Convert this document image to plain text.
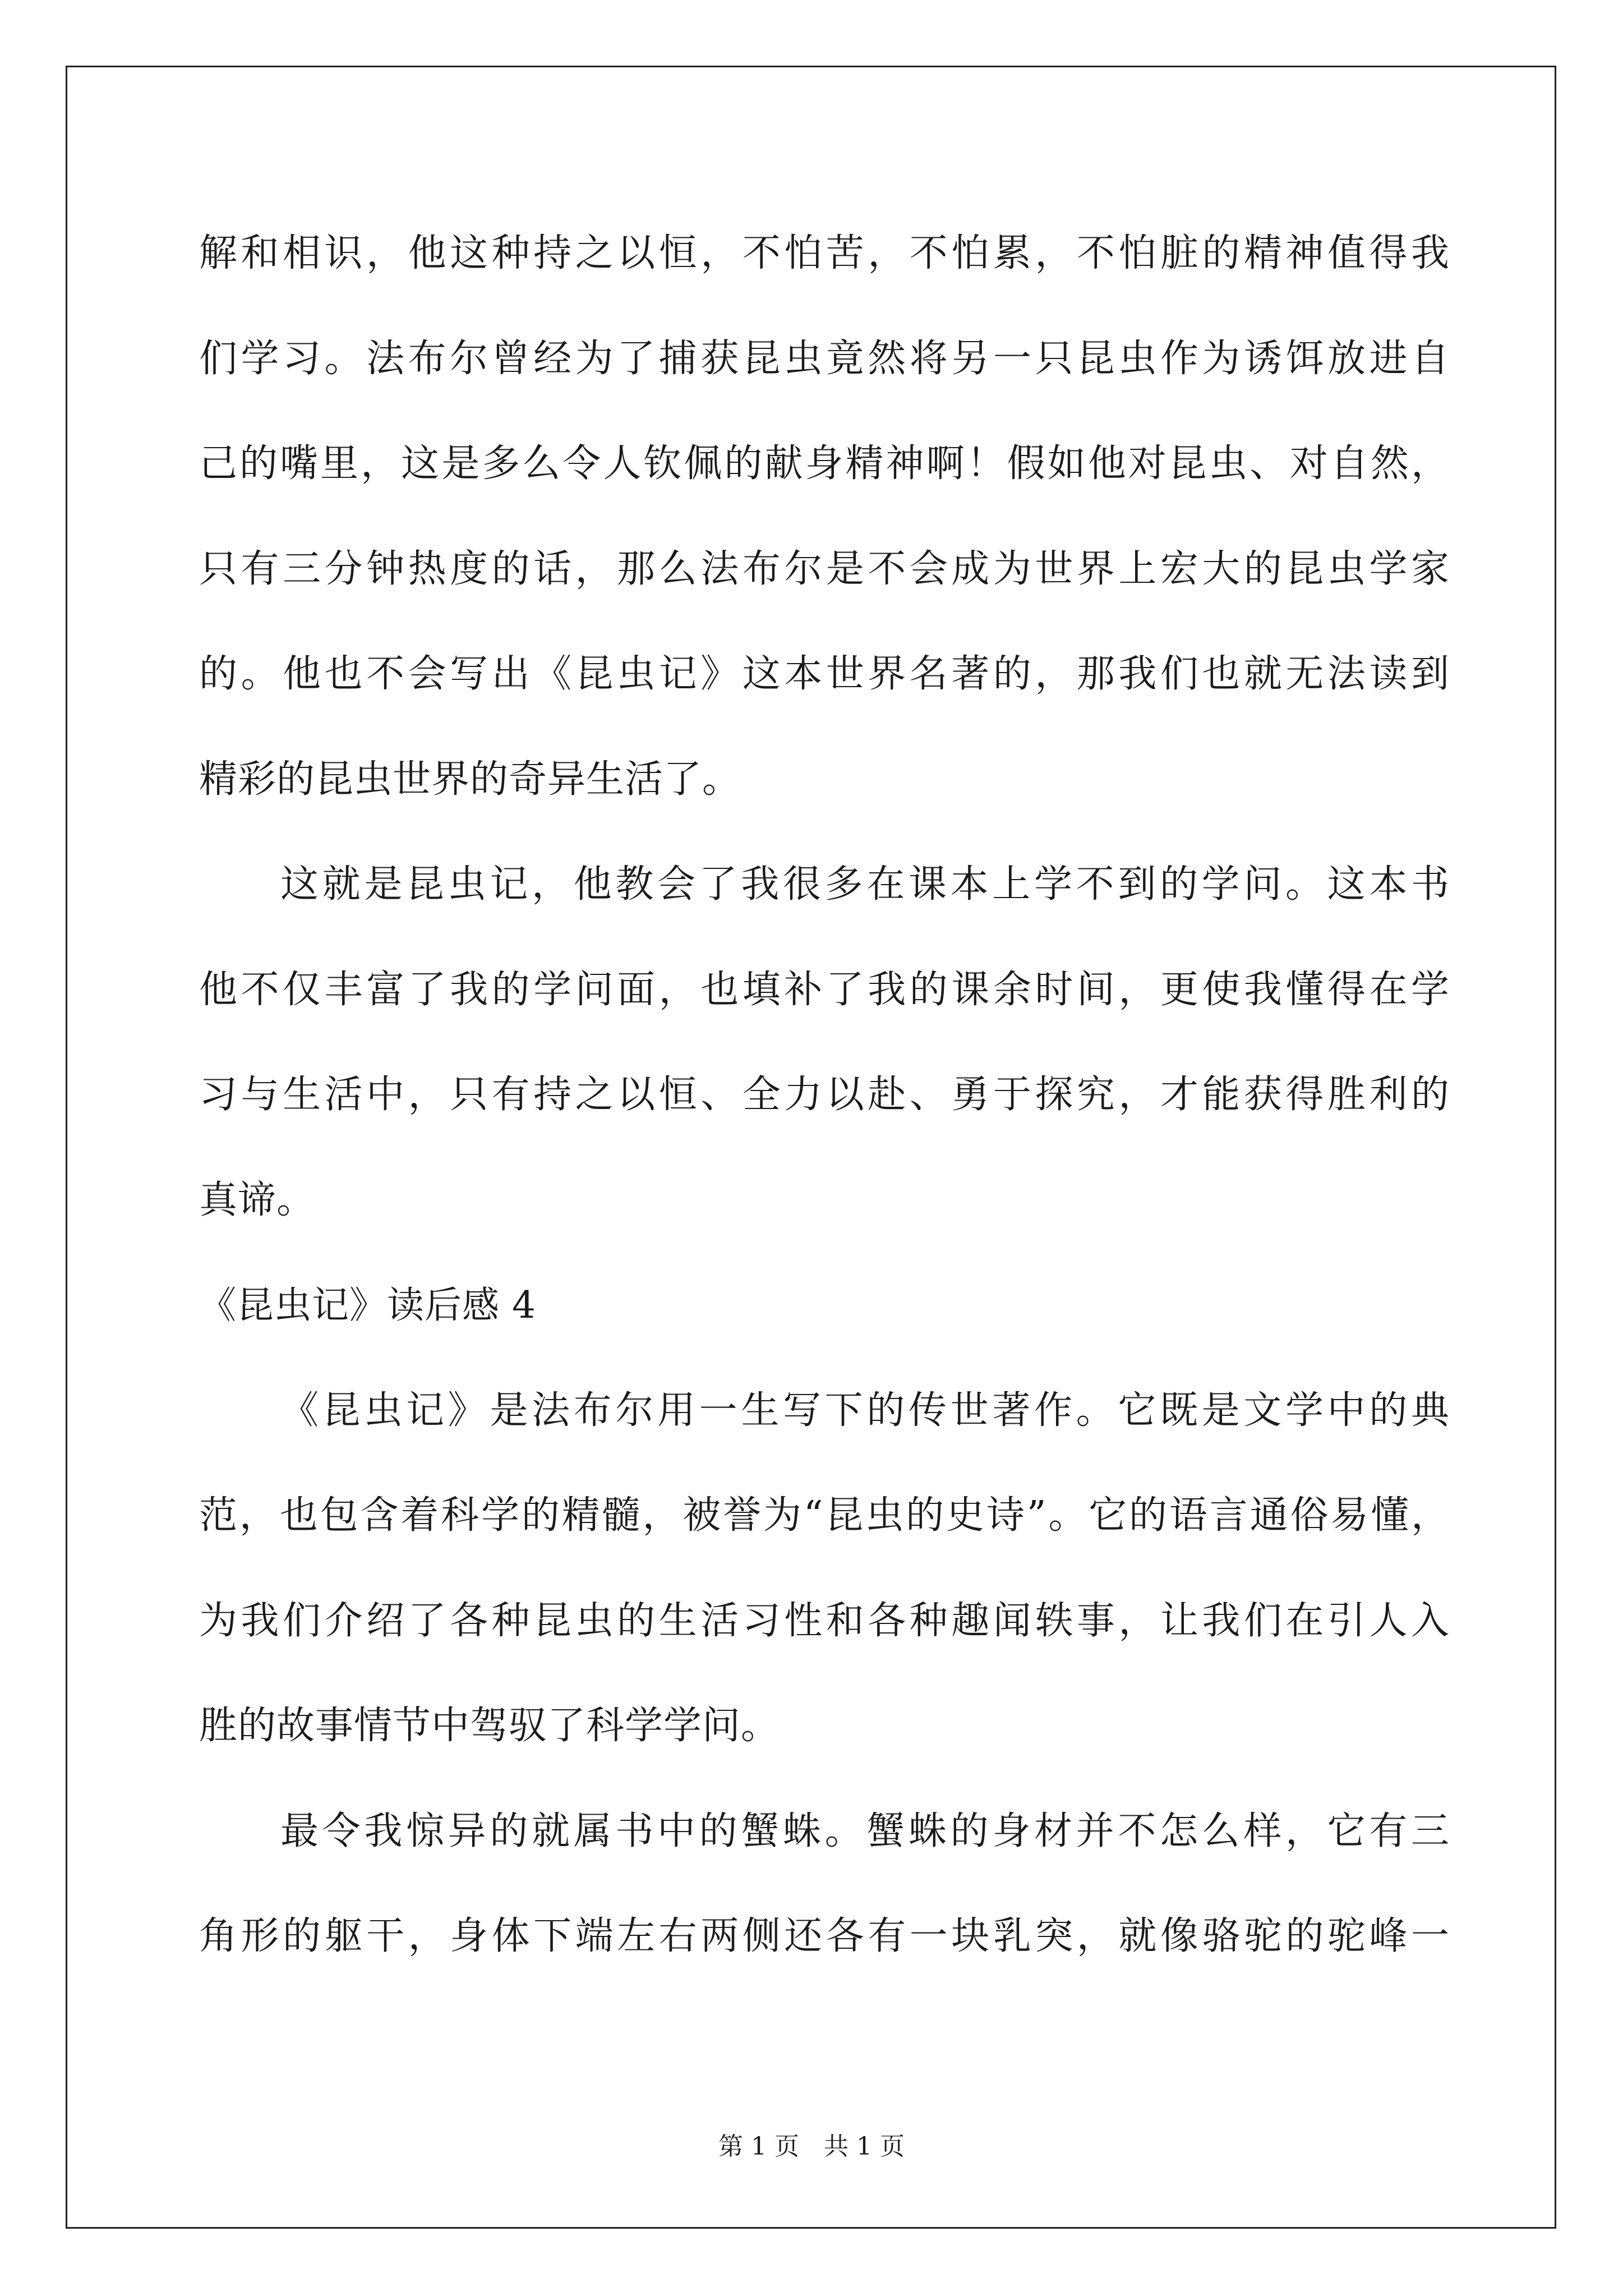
解和相识，他这种持之以恒，不怕苦，不怕累，不怕脏的精神值得我
们学习。法布尔曾经为了捕获昆虫竟然将另一只昆虫作为诱饵放进自
己的嘴里，这是多么令人钦佩的献身精神啊！假如他对昆虫、对自然，
只有三分钟热度的话，那么法布尔是不会成为世界上宏大的昆虫学家
的。他也不会写出《昆虫记》这本世界名著的，那我们也就无法读到
精彩的昆虫世界的奇异生活了。
这就是昆虫记，他教会了我很多在课本上学不到的学问。这本书
他不仅丰富了我的学问面，也填补了我的课余时间，更使我懂得在学
习与生活中，只有持之以恒、全力以赴、勇于探究，才能获得胜利的
真谛。
《昆虫记》读后感 4
《昆虫记》是法布尔用一生写下的传世著作。它既是文学中的典
范，也包含着科学的精髓，被誉为“昆虫的史诗”。它的语言通俗易懂，
为我们介绍了各种昆虫的生活习性和各种趣闻轶事，让我们在引人入
胜的故事情节中驾驭了科学学问。
最令我惊异的就属书中的蟹蛛。蟹蛛的身材并不怎么样，它有三
角形的躯干，身体下端左右两侧还各有一块乳突，就像骆驼的驼峰一
第 1 页　共 1 页
